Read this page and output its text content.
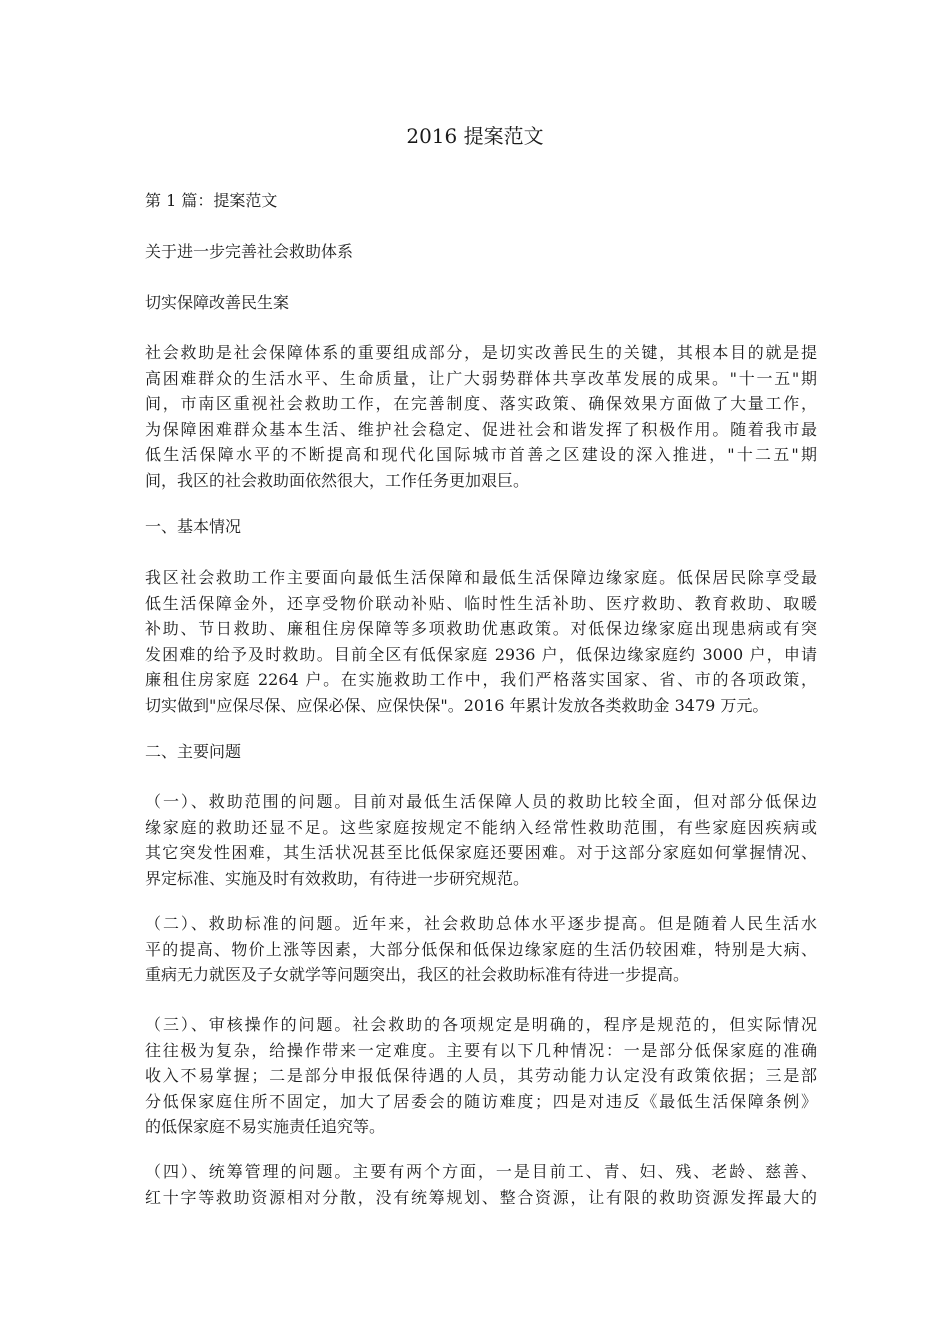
2016 提案范文

第 1 篇：提案范文

关于进一步完善社会救助体系

切实保障改善民生案

社会救助是社会保障体系的重要组成部分，是切实改善民生的关键，其根本目的就是提
高困难群众的生活水平、生命质量，让广大弱势群体共享改革发展的成果。"十一五"期
间，市南区重视社会救助工作，在完善制度、落实政策、确保效果方面做了大量工作，
为保障困难群众基本生活、维护社会稳定、促进社会和谐发挥了积极作用。随着我市最
低生活保障水平的不断提高和现代化国际城市首善之区建设的深入推进，"十二五"期
间，我区的社会救助面依然很大，工作任务更加艰巨。

一、基本情况

我区社会救助工作主要面向最低生活保障和最低生活保障边缘家庭。低保居民除享受最
低生活保障金外，还享受物价联动补贴、临时性生活补助、医疗救助、教育救助、取暖
补助、节日救助、廉租住房保障等多项救助优惠政策。对低保边缘家庭出现患病或有突
发困难的给予及时救助。目前全区有低保家庭 2936 户，低保边缘家庭约 3000 户，申请
廉租住房家庭 2264 户。在实施救助工作中，我们严格落实国家、省、市的各项政策，
切实做到"应保尽保、应保必保、应保快保"。2016 年累计发放各类救助金 3479 万元。

二、主要问题

（一）、救助范围的问题。目前对最低生活保障人员的救助比较全面，但对部分低保边
缘家庭的救助还显不足。这些家庭按规定不能纳入经常性救助范围，有些家庭因疾病或
其它突发性困难，其生活状况甚至比低保家庭还要困难。对于这部分家庭如何掌握情况、
界定标准、实施及时有效救助，有待进一步研究规范。
（二）、救助标准的问题。近年来，社会救助总体水平逐步提高。但是随着人民生活水
平的提高、物价上涨等因素，大部分低保和低保边缘家庭的生活仍较困难，特别是大病、
重病无力就医及子女就学等问题突出，我区的社会救助标准有待进一步提高。
（三）、审核操作的问题。社会救助的各项规定是明确的，程序是规范的，但实际情况
往往极为复杂，给操作带来一定难度。主要有以下几种情况：一是部分低保家庭的准确
收入不易掌握；二是部分申报低保待遇的人员，其劳动能力认定没有政策依据；三是部
分低保家庭住所不固定，加大了居委会的随访难度；四是对违反《最低生活保障条例》
的低保家庭不易实施责任追究等。
（四）、统筹管理的问题。主要有两个方面，一是目前工、青、妇、残、老龄、慈善、
红十字等救助资源相对分散，没有统筹规划、整合资源，让有限的救助资源发挥最大的
